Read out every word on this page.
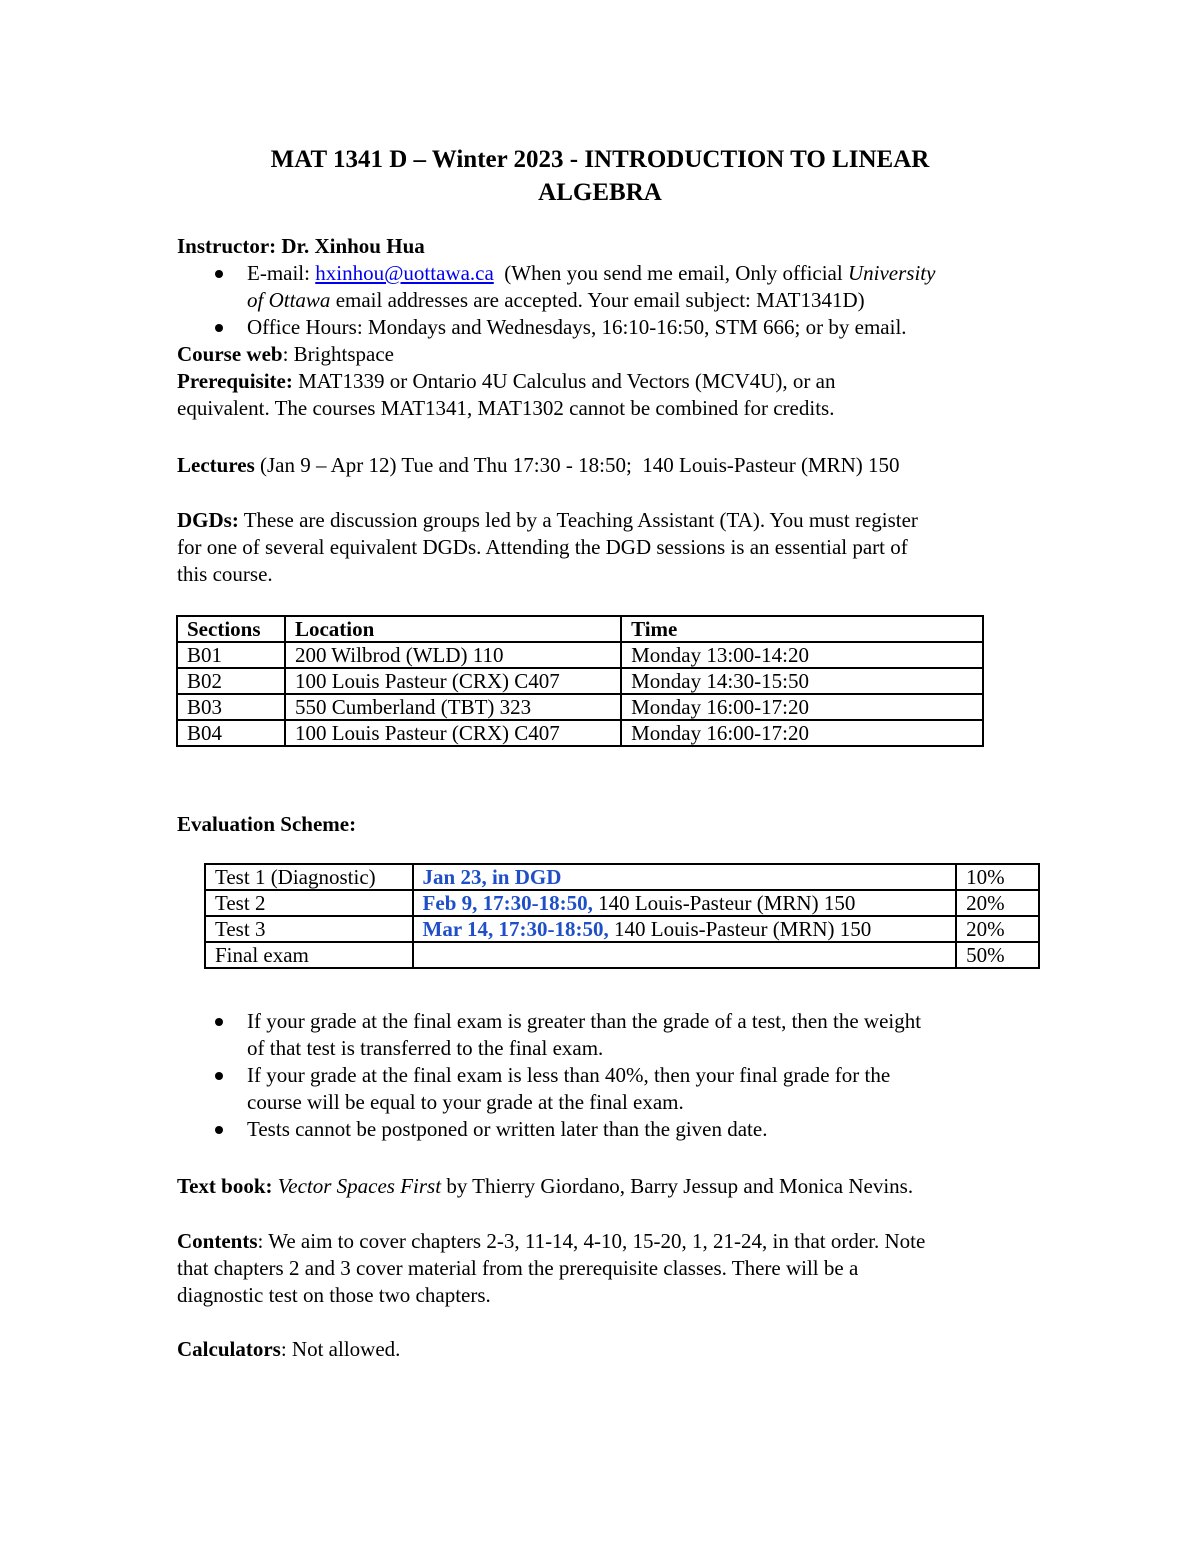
MAT 1341 D – Winter 2023 - INTRODUCTION TO LINEAR
ALGEBRA
Instructor: Dr. Xinhou Hua
E-mail: hxinhou@uottawa.ca  (When you send me email, Only official University
of Ottawa email addresses are accepted. Your email subject: MAT1341D)
Office Hours: Mondays and Wednesdays, 16:10-16:50, STM 666; or by email.
Course web: Brightspace
Prerequisite: MAT1339 or Ontario 4U Calculus and Vectors (MCV4U), or an
equivalent. The courses MAT1341, MAT1302 cannot be combined for credits.
Lectures (Jan 9 – Apr 12) Tue and Thu 17:30 - 18:50;  140 Louis-Pasteur (MRN) 150
DGDs: These are discussion groups led by a Teaching Assistant (TA). You must register
for one of several equivalent DGDs. Attending the DGD sessions is an essential part of
this course.
Sections	Location	Time
B01	200 Wilbrod (WLD) 110	Monday 13:00-14:20
B02	100 Louis Pasteur (CRX) C407	Monday 14:30-15:50
B03	550 Cumberland (TBT) 323	Monday 16:00-17:20
B04	100 Louis Pasteur (CRX) C407	Monday 16:00-17:20
Evaluation Scheme:
Test 1 (Diagnostic)	Jan 23, in DGD	10%
Test 2	Feb 9, 17:30-18:50, 140 Louis-Pasteur (MRN) 150	20%
Test 3	Mar 14, 17:30-18:50, 140 Louis-Pasteur (MRN) 150	20%
Final exam		50%
If your grade at the final exam is greater than the grade of a test, then the weight
of that test is transferred to the final exam.
If your grade at the final exam is less than 40%, then your final grade for the
course will be equal to your grade at the final exam.
Tests cannot be postponed or written later than the given date.
Text book: Vector Spaces First by Thierry Giordano, Barry Jessup and Monica Nevins.
Contents: We aim to cover chapters 2-3, 11-14, 4-10, 15-20, 1, 21-24, in that order. Note
that chapters 2 and 3 cover material from the prerequisite classes. There will be a
diagnostic test on those two chapters.
Calculators: Not allowed.
